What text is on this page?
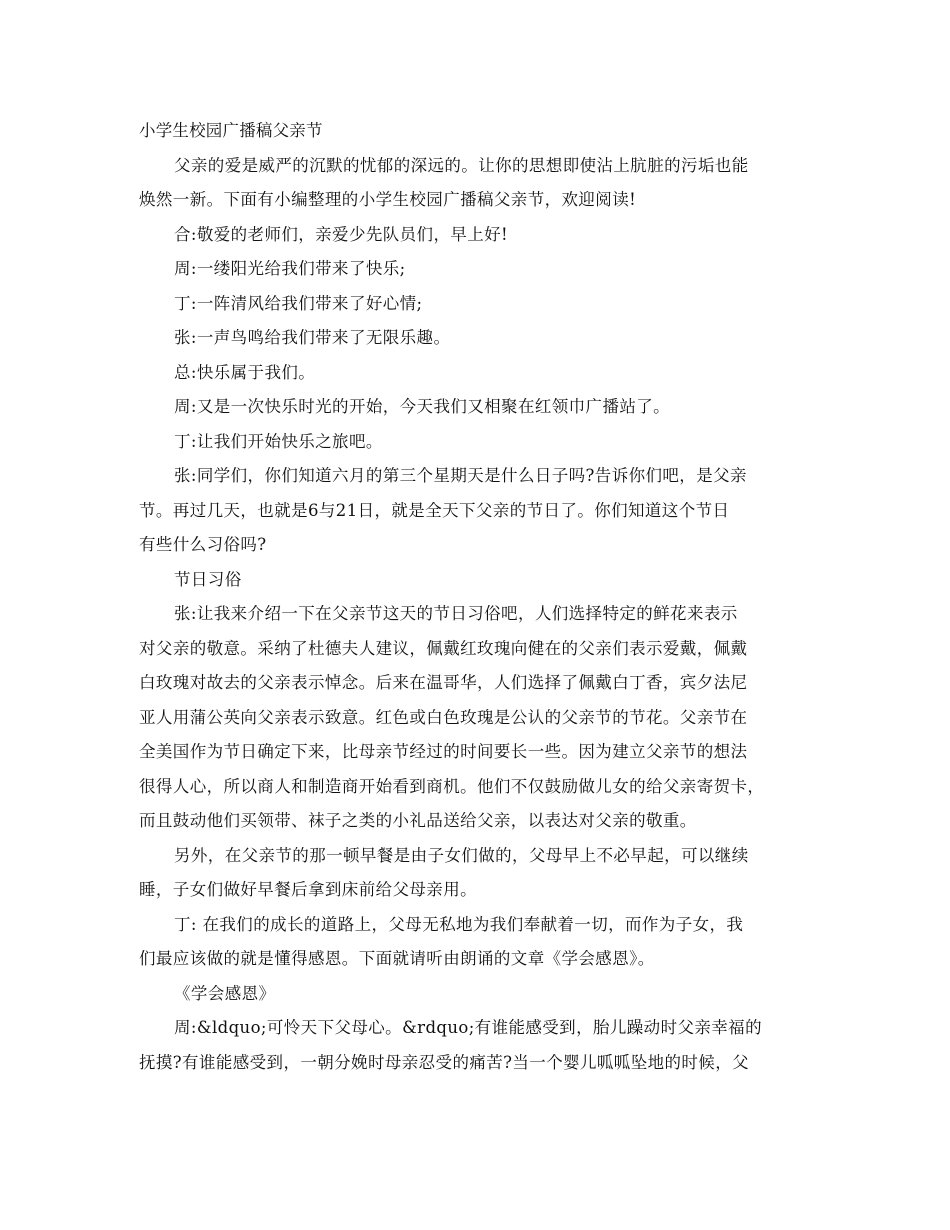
小学生校园广播稿父亲节
父亲的爱是威严的沉默的忧郁的深远的。让你的思想即使沾上肮脏的污垢也能
焕然一新。下面有小编整理的小学生校园广播稿父亲节，欢迎阅读!
合:敬爱的老师们，亲爱少先队员们，早上好!
周:一缕阳光给我们带来了快乐;
丁:一阵清风给我们带来了好心情;
张:一声鸟鸣给我们带来了无限乐趣。
总:快乐属于我们。
周:又是一次快乐时光的开始，今天我们又相聚在红领巾广播站了。
丁:让我们开始快乐之旅吧。
张:同学们，你们知道六月的第三个星期天是什么日子吗?告诉你们吧，是父亲
节。再过几天，也就是6与21日，就是全天下父亲的节日了。你们知道这个节日
有些什么习俗吗?
节日习俗
张:让我来介绍一下在父亲节这天的节日习俗吧，人们选择特定的鲜花来表示
对父亲的敬意。采纳了杜德夫人建议，佩戴红玫瑰向健在的父亲们表示爱戴，佩戴
白玫瑰对故去的父亲表示悼念。后来在温哥华，人们选择了佩戴白丁香，宾夕法尼
亚人用蒲公英向父亲表示致意。红色或白色玫瑰是公认的父亲节的节花。父亲节在
全美国作为节日确定下来，比母亲节经过的时间要长一些。因为建立父亲节的想法
很得人心，所以商人和制造商开始看到商机。他们不仅鼓励做儿女的给父亲寄贺卡，
而且鼓动他们买领带、袜子之类的小礼品送给父亲，以表达对父亲的敬重。
另外，在父亲节的那一顿早餐是由子女们做的，父母早上不必早起，可以继续
睡，子女们做好早餐后拿到床前给父母亲用。
丁: 在我们的成长的道路上，父母无私地为我们奉献着一切，而作为子女，我
们最应该做的就是懂得感恩。下面就请听由朗诵的文章《学会感恩》。
《学会感恩》
周:&ldquo;可怜天下父母心。&rdquo;有谁能感受到，胎儿躁动时父亲幸福的
抚摸?有谁能感受到，一朝分娩时母亲忍受的痛苦?当一个婴儿呱呱坠地的时候，父
